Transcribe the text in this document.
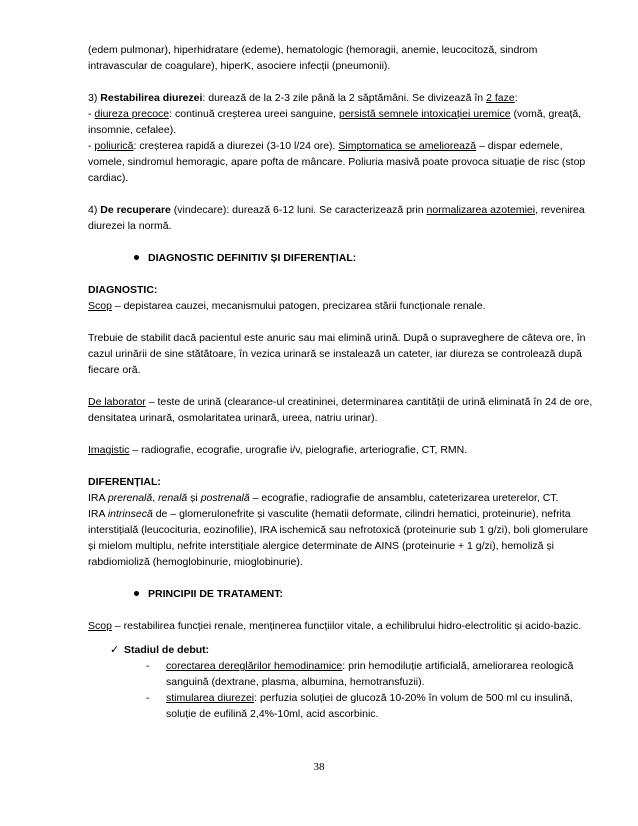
(edem pulmonar), hiperhidratare (edeme), hematologic (hemoragii, anemie, leucocitoză, sindrom intravascular de coagulare), hiperK, asociere infecții (pneumonii).

3) Restabilirea diurezei: durează de la 2-3 zile până la 2 săptămâni. Se divizează în 2 faze:

- diureza precoce: continuă creșterea ureei sanguine, persistă semnele intoxicației uremice (vomă, greață, insomnie, cefalee).

- poliurică: creșterea rapidă a diurezei (3-10 l/24 ore). Simptomatica se ameliorează – dispar edemele, vomele, sindromul hemoragic, apare pofta de mâncare. Poliuria masivă poate provoca situație de risc (stop cardiac).

4) De recuperare (vindecare): durează 6-12 luni. Se caracterizează prin normalizarea azotemiei, revenirea diurezei la normă.

DIAGNOSTIC DEFINITIV ȘI DIFERENȚIAL:

DIAGNOSTIC:

Scop – depistarea cauzei, mecanismului patogen, precizarea stării funcționale renale.

Trebuie de stabilit dacă pacientul este anuric sau mai elimină urină. După o supraveghere de câteva ore, în cazul urinării de sine stătătoare, în vezica urinară se instalează un cateter, iar diureza se controlează după fiecare oră.

De laborator – teste de urină (clearance-ul creatininei, determinarea cantității de urină eliminată în 24 de ore, densitatea urinară, osmolaritatea urinară, ureea, natriu urinar).

Imagistic – radiografie, ecografie, urografie i/v, pielografie, arteriografie, CT, RMN.

DIFERENȚIAL:

IRA prerenală, renală și postrenală – ecografie, radiografie de ansamblu, cateterizarea ureterelor, CT.

IRA intrinsecă de – glomerulonefrite și vasculite (hematii deformate, cilindri hematici, proteinurie), nefrita interstițială (leucocituria, eozinofilie), IRA ischemică sau nefrotoxică (proteinurie sub 1 g/zi), boli glomerulare și mielom multiplu, nefrite interstițiale alergice determinate de AINS (proteinurie + 1 g/zi), hemoliză și rabdiomioliză (hemoglobinurie, mioglobinurie).

PRINCIPII DE TRATAMENT:

Scop – restabilirea funcției renale, menținerea funcțiilor vitale, a echilibrului hidro-electrolitic și acido-bazic.

✓ Stadiul de debut:

- corectarea dereglărilor hemodinamice: prin hemodiluție artificială, ameliorarea reologică sanguină (dextrane, plasma, albumina, hemotransfuzii).

- stimularea diurezei: perfuzia soluției de glucoză 10-20% în volum de 500 ml cu insulină, soluție de eufilină 2,4%-10ml, acid ascorbinic.

38
